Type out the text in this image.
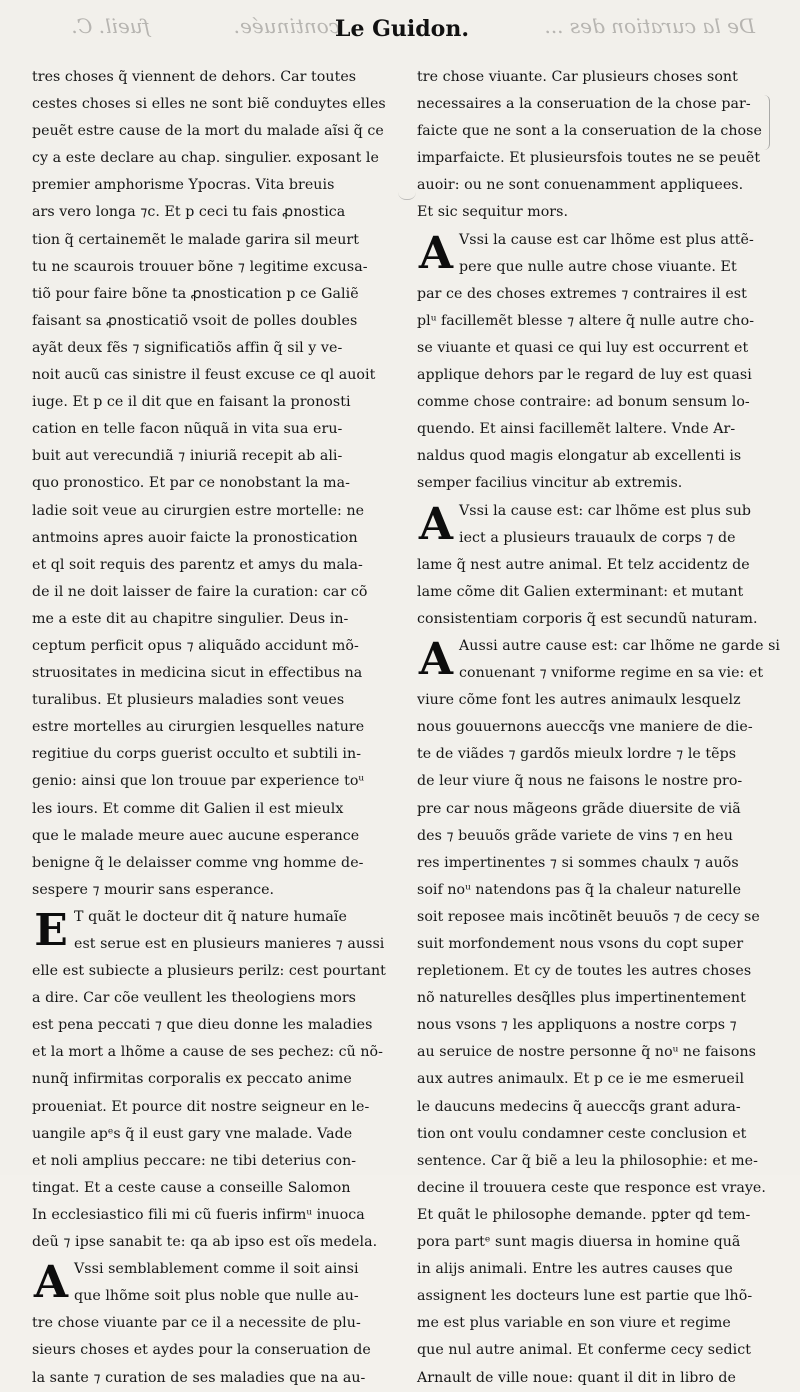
fueil. C.	continuée.	De la curation des ...
Le Guidon.
tres choses q̃ viennent de dehors. Car toutes
cestes choses si elles ne sont biẽ conduytes elles
peuẽt estre cause de la mort du malade aĩsi q̃ ce
cy a este declare au chap. singulier. exposant le
premier amphorisme Ypocras. Vita breuis
ars vero longa ⁊c. Et p ceci tu fais ꝓnostica
tion q̃ certainemẽt le malade garira sil meurt
tu ne scaurois trouuer bõne ⁊ legitime excusa-
tiõ pour faire bõne ta ꝓnostication p ce Galiẽ
faisant sa ꝓnosticatiõ vsoit de polles doubles
ayãt deux fẽs ⁊ significatiõs affin q̃ sil y ve-
noit aucũ cas sinistre il feust excuse ce ql auoit
iuge. Et p ce il dit que en faisant la pronosti
cation en telle facon nũquã in vita sua eru-
buit aut verecundiã ⁊ iniuriã recepit ab ali-
quo pronostico. Et par ce nonobstant la ma-
ladie soit veue au cirurgien estre mortelle: ne
antmoins apres auoir faicte la pronostication
et ql soit requis des parentz et amys du mala-
de il ne doit laisser de faire la curation: car cõ
me a este dit au chapitre singulier. Deus in-
ceptum perficit opus ⁊ aliquãdo accidunt mõ-
struositates in medicina sicut in effectibus na
turalibus. Et plusieurs maladies sont veues
estre mortelles au cirurgien lesquelles nature
regitiue du corps guerist occulto et subtili in-
genio: ainsi que lon trouue par experience toᵘ
les iours. Et comme dit Galien il est mieulx
que le malade meure auec aucune esperance
benigne q̃ le delaisser comme vng homme de-
sespere ⁊ mourir sans esperance.
E T quãt le docteur dit q̃ nature humaĩe
est serue est en plusieurs manieres ⁊ aussi
elle est subiecte a plusieurs perilz: cest pourtant
a dire. Car cõe veullent les theologiens mors
est pena peccati ⁊ que dieu donne les maladies
et la mort a lhõme a cause de ses pechez: cũ nõ-
nunq̃ infirmitas corporalis ex peccato anime
proueniat. Et pource dit nostre seigneur en le-
uangile apᵉs q̃ il eust gary vne malade. Vade
et noli amplius peccare: ne tibi deterius con-
tingat. Et a ceste cause a conseille Salomon
In ecclesiastico fili mi cũ fueris infirmᵘ inuoca
deũ ⁊ ipse sanabit te: qa ab ipso est oĩs medela.
A Vssi semblablement comme il soit ainsi
que lhõme soit plus noble que nulle au-
tre chose viuante par ce il a necessite de plu-
sieurs choses et aydes pour la conseruation de
la sante ⁊ curation de ses maladies que na au-
tre chose viuante. Car plusieurs choses sont
necessaires a la conseruation de la chose par-
faicte que ne sont a la conseruation de la chose
imparfaicte. Et plusieursfois toutes ne se peuẽt
auoir: ou ne sont conuenamment appliquees.
Et sic sequitur mors.
A Vssi la cause est car lhõme est plus attẽ-
pere que nulle autre chose viuante. Et
par ce des choses extremes ⁊ contraires il est
plᵘ facillemẽt blesse ⁊ altere q̃ nulle autre cho-
se viuante et quasi ce qui luy est occurrent et
applique dehors par le regard de luy est quasi
comme chose contraire: ad bonum sensum lo-
quendo. Et ainsi facillemẽt laltere. Vnde Ar-
naldus quod magis elongatur ab excellenti is
semper facilius vincitur ab extremis.
A Vssi la cause est: car lhõme est plus sub
iect a plusieurs trauaulx de corps ⁊ de
lame q̃ nest autre animal. Et telz accidentz de
lame cõme dit Galien exterminant: et mutant
consistentiam corporis q̃ est secundũ naturam.
A Aussi autre cause est: car lhõme ne garde si
conuenant ⁊ vniforme regime en sa vie: et
viure cõme font les autres animaulx lesquelz
nous gouuernons aueccq̃s vne maniere de die-
te de viãdes ⁊ gardõs mieulx lordre ⁊ le tẽps
de leur viure q̃ nous ne faisons le nostre pro-
pre car nous mãgeons grãde diuersite de viã
des ⁊ beuuõs grãde variete de vins ⁊ en heu
res impertinentes ⁊ si sommes chaulx ⁊ auõs
soif noᵘ natendons pas q̃ la chaleur naturelle
soit reposee mais incõtinẽt beuuõs ⁊ de cecy se
suit morfondement nous vsons du copt super
repletionem. Et cy de toutes les autres choses
nõ naturelles desq̃lles plus impertinentement
nous vsons ⁊ les appliquons a nostre corps ⁊
au seruice de nostre personne q̃ noᵘ ne faisons
aux autres animaulx. Et p ce ie me esmerueil
le daucuns medecins q̃ aueccq̃s grant adura-
tion ont voulu condamner ceste conclusion et
sentence. Car q̃ biẽ a leu la philosophie: et me-
decine il trouuera ceste que responce est vraye.
Et quãt le philosophe demande. pꝑter qd tem-
pora partᵉ sunt magis diuersa in homine quã
in alijs animali. Entre les autres causes que
assignent les docteurs lune est partie que lhõ-
me est plus variable en son viure et regime
que nul autre animal. Et conferme cecy sedict
Arnault de ville noue: quant il dit in libro de
